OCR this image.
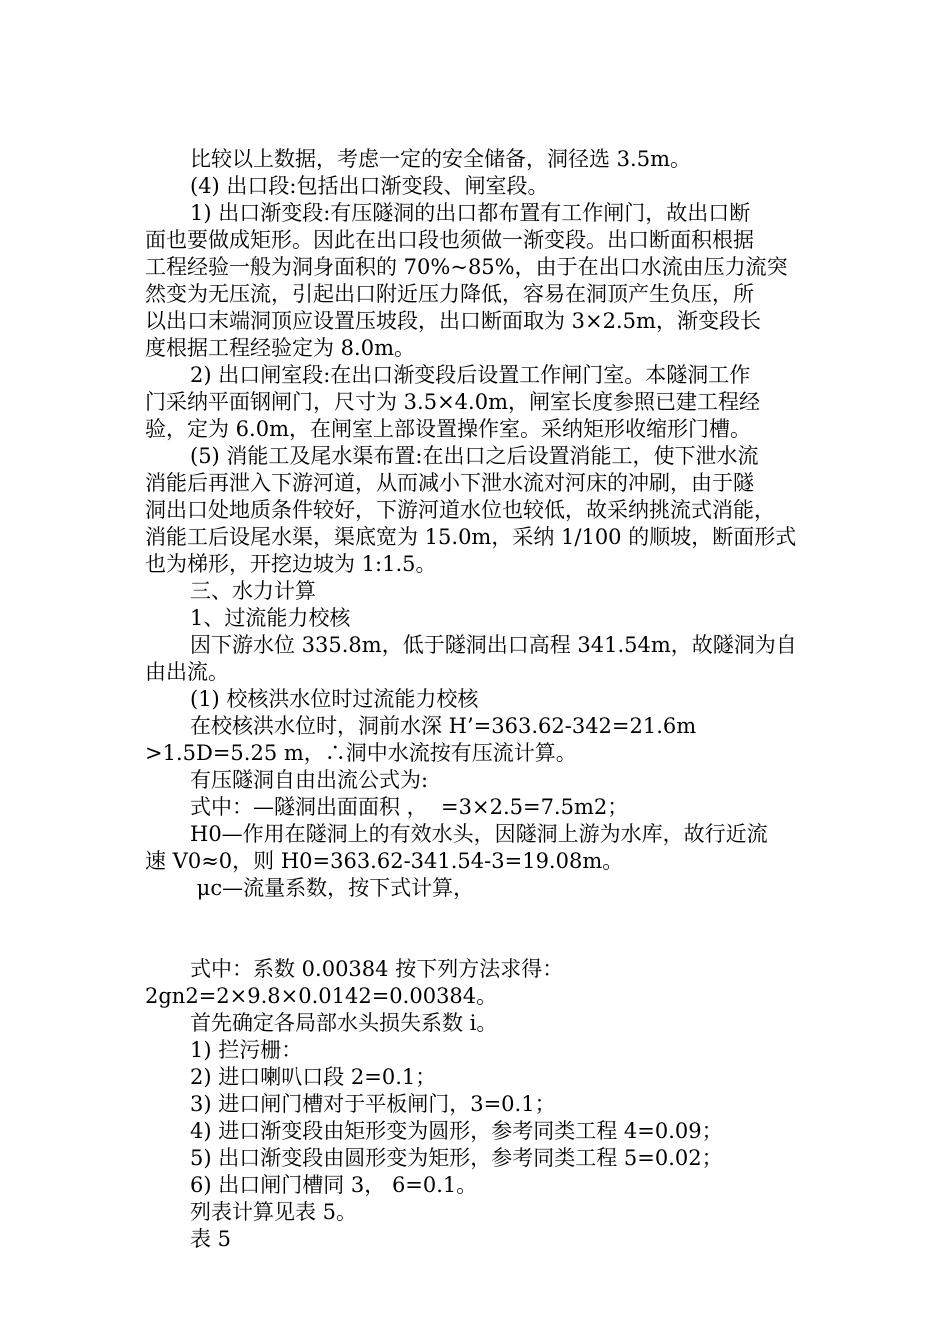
比较以上数据，考虑一定的安全储备，洞径选 3.5m。
(4) 出口段:包括出口渐变段、闸室段。
1) 出口渐变段:有压隧洞的出口都布置有工作闸门，故出口断
面也要做成矩形。因此在出口段也须做一渐变段。出口断面积根据
工程经验一般为洞身面积的 70%~85%，由于在出口水流由压力流突
然变为无压流，引起出口附近压力降低，容易在洞顶产生负压，所
以出口末端洞顶应设置压坡段，出口断面取为 3×2.5m，渐变段长
度根据工程经验定为 8.0m。
2) 出口闸室段:在出口渐变段后设置工作闸门室。本隧洞工作
门采纳平面钢闸门，尺寸为 3.5×4.0m，闸室长度参照已建工程经
验，定为 6.0m，在闸室上部设置操作室。采纳矩形收缩形门槽。
(5) 消能工及尾水渠布置:在出口之后设置消能工，使下泄水流
消能后再泄入下游河道，从而减小下泄水流对河床的冲刷，由于隧
洞出口处地质条件较好，下游河道水位也较低，故采纳挑流式消能，
消能工后设尾水渠，渠底宽为 15.0m，采纳 1/100 的顺坡，断面形式
也为梯形，开挖边坡为 1:1.5。
三、水力计算
1、过流能力校核
因下游水位 335.8m，低于隧洞出口高程 341.54m，故隧洞为自
由出流。
(1) 校核洪水位时过流能力校核
在校核洪水位时，洞前水深 H’=363.62-342=21.6m
>1.5D=5.25 m，∴洞中水流按有压流计算。
有压隧洞自由出流公式为:
式中：—隧洞出面面积 ，  =3×2.5=7.5m2；
H0—作用在隧洞上的有效水头，因隧洞上游为水库，故行近流
速 V0≈0，则 H0=363.62-341.54-3=19.08m。
μc—流量系数，按下式计算，
式中：系数 0.00384 按下列方法求得：
2gn2=2×9.8×0.0142=0.00384。
首先确定各局部水头损失系数 i。
1) 拦污栅：
2) 进口喇叭口段 2=0.1；
3) 进口闸门槽对于平板闸门，3=0.1；
4) 进口渐变段由矩形变为圆形，参考同类工程 4=0.09；
5) 出口渐变段由圆形变为矩形，参考同类工程 5=0.02；
6) 出口闸门槽同 3， 6=0.1。
列表计算见表 5。
表 5
